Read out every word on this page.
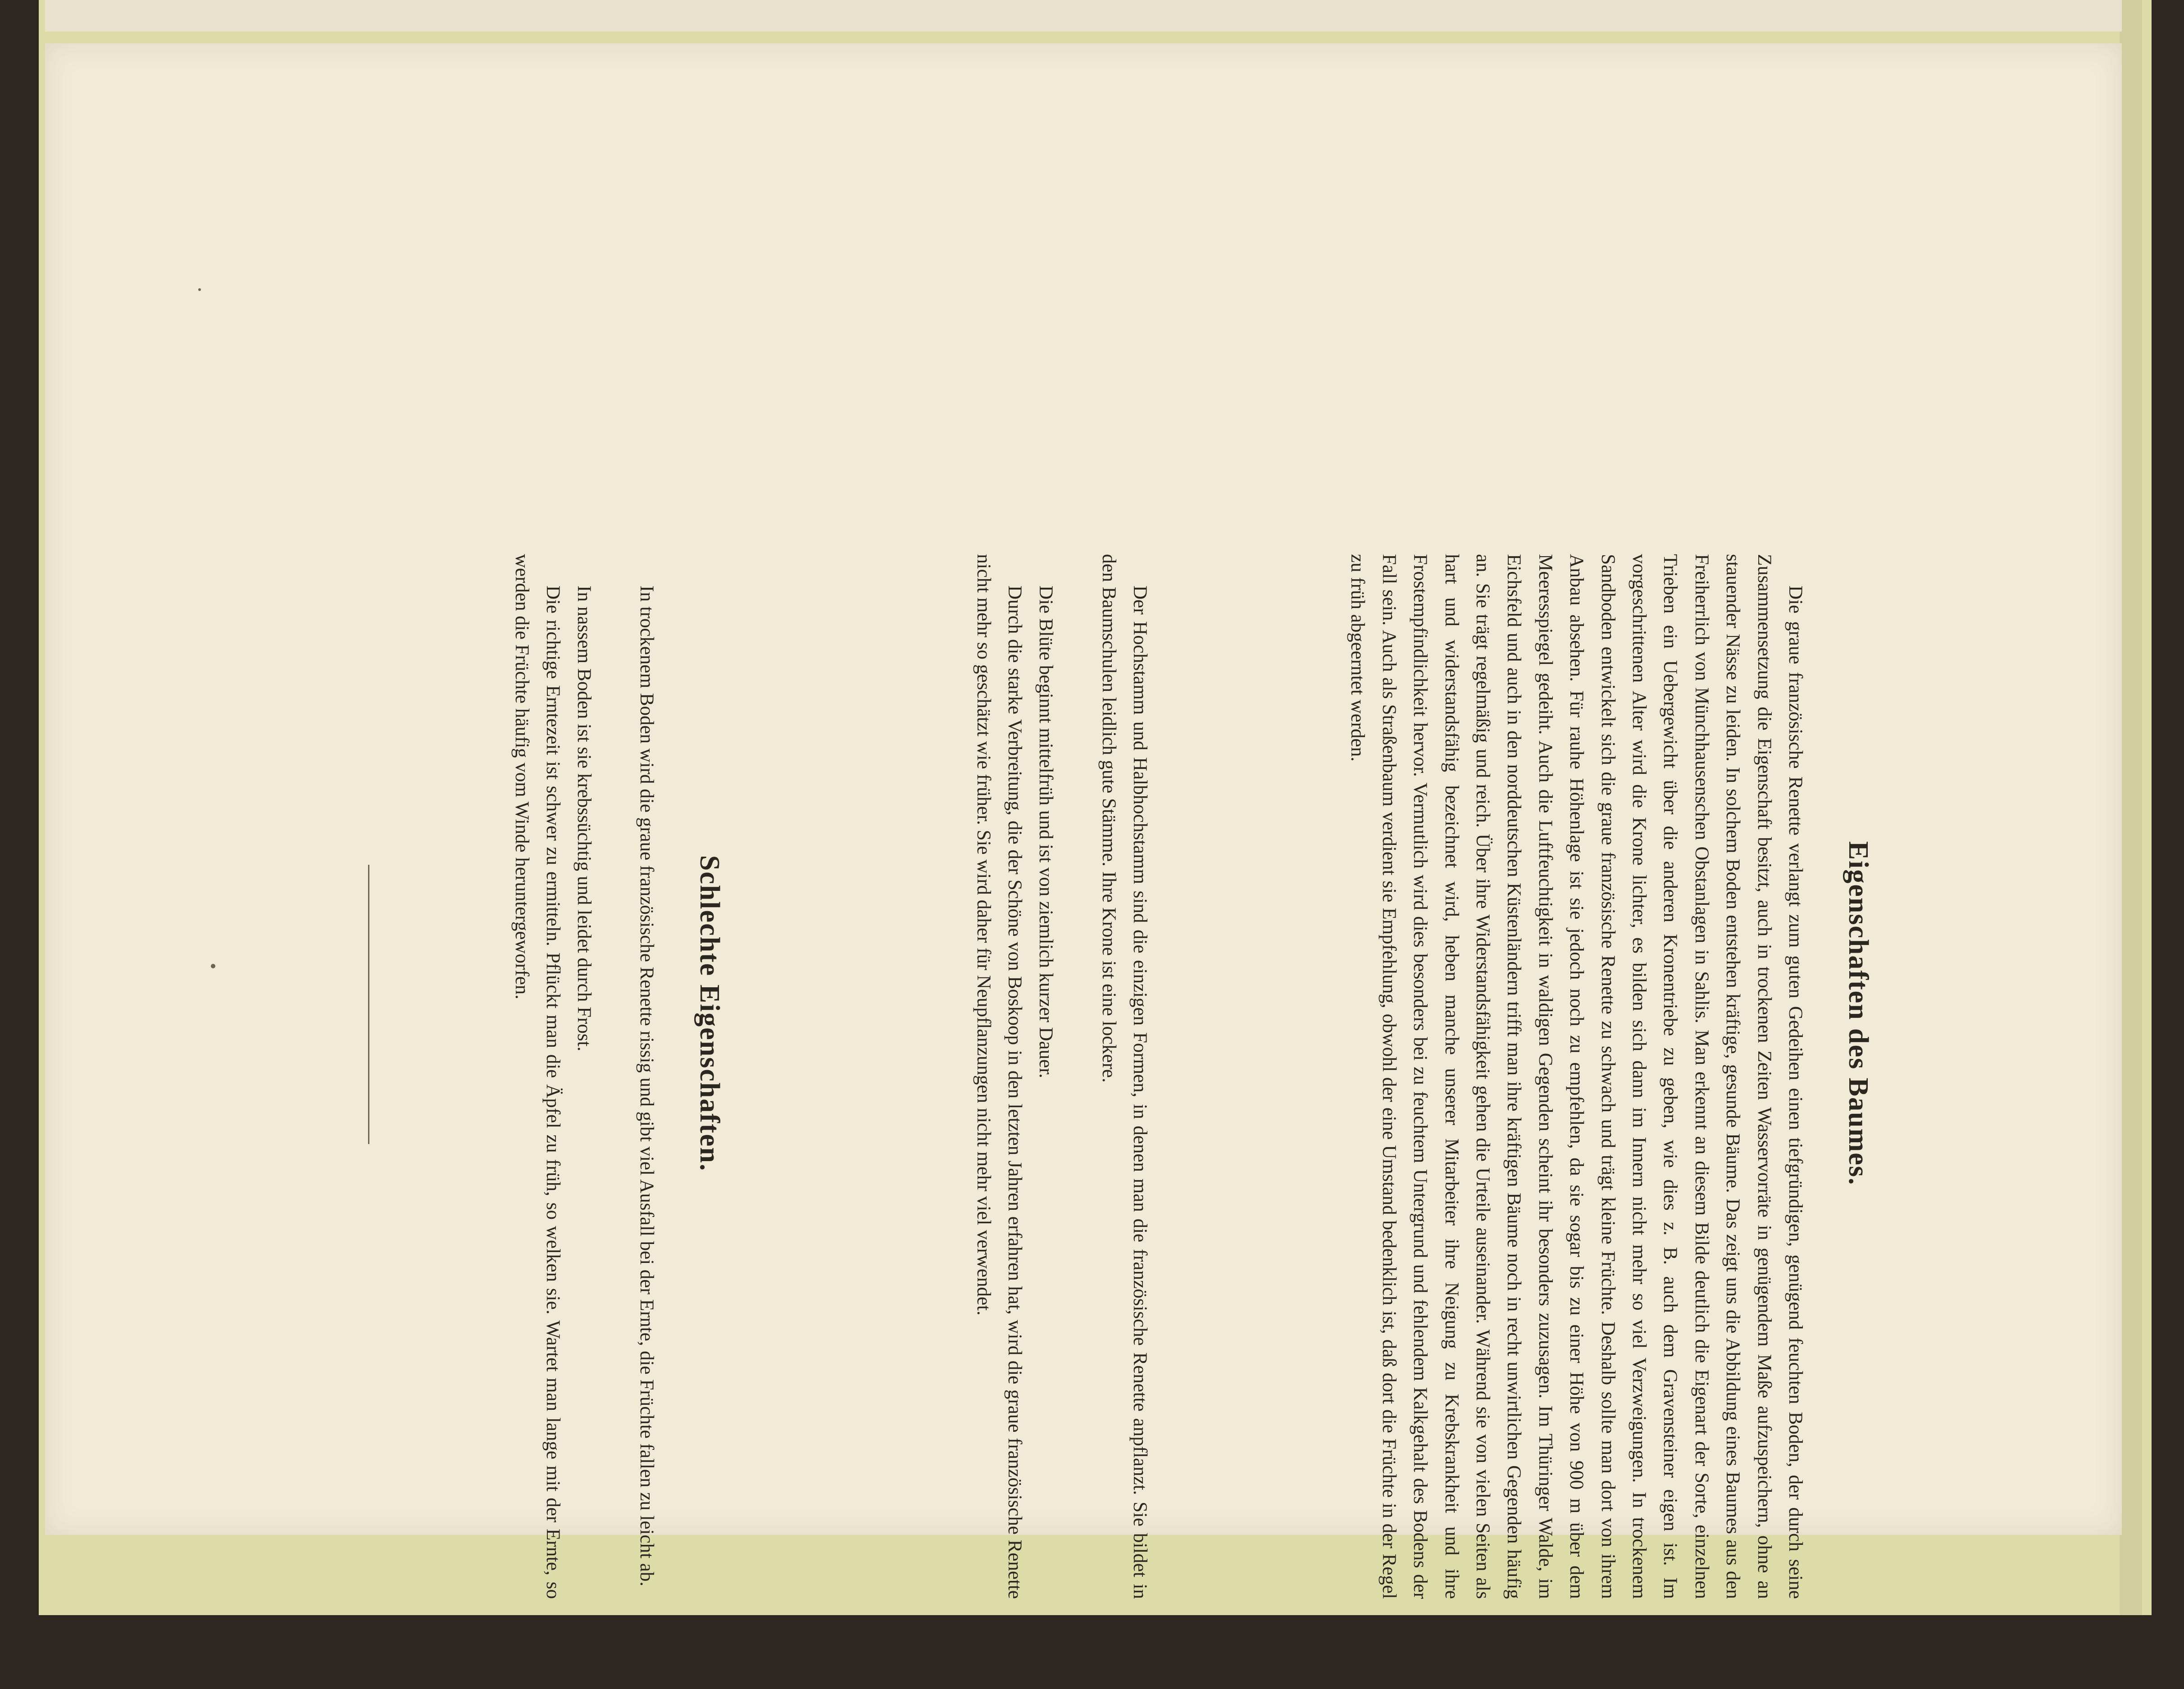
Eigenschaften des Baumes.

Die graue französische Renette verlangt zum guten Gedeihen einen tiefgründigen, genügend feuchten Boden, der durch seine Zusammensetzung die Eigenschaft besitzt, auch in trockenen Zeiten Wasservorräte in genügendem Maße aufzuspeichern, ohne an stauender Nässe zu leiden. In solchem Boden entstehen kräftige, gesunde Bäume. Das zeigt uns die Abbildung eines Baumes aus den Freiherrlich von Münchhausenschen Obstanlagen in Sahlis. Man erkennt an diesem Bilde deutlich die Eigenart der Sorte, einzelnen Trieben ein Uebergewicht über die anderen Kronentriebe zu geben, wie dies z. B. auch dem Gravensteiner eigen ist. Im vorgeschrittenen Alter wird die Krone lichter, es bilden sich dann im Innern nicht mehr so viel Verzweigungen. In trockenem Sandboden entwickelt sich die graue französische Renette zu schwach und trägt kleine Früchte. Deshalb sollte man dort von ihrem Anbau absehen. Für rauhe Höhenlage ist sie jedoch noch zu empfehlen, da sie sogar bis zu einer Höhe von 900 m über dem Meeresspiegel gedeiht. Auch die Luftfeuchtigkeit in waldigen Gegenden scheint ihr besonders zuzusagen. Im Thüringer Walde, im Eichsfeld und auch in den norddeutschen Küstenländern trifft man ihre kräftigen Bäume noch in recht unwirtlichen Gegenden häufig an. Sie trägt regelmäßig und reich. Über ihre Widerstandsfähigkeit gehen die Urteile auseinander. Während sie von vielen Seiten als hart und widerstandsfähig bezeichnet wird, heben manche unserer Mitarbeiter ihre Neigung zu Krebskrankheit und ihre Frostempfindlichkeit hervor. Vermutlich wird dies besonders bei zu feuchtem Untergrund und fehlendem Kalkgehalt des Bodens der Fall sein. Auch als Straßenbaum verdient sie Empfehlung, obwohl der eine Umstand bedenklich ist, daß dort die Früchte in der Regel zu früh abgeerntet werden.

Der Hochstamm und Halbhochstamm sind die einzigen Formen, in denen man die französische Renette anpflanzt. Sie bildet in den Baumschulen leidlich gute Stämme. Ihre Krone ist eine lockere.

Die Blüte beginnt mittelfrüh und ist von ziemlich kurzer Dauer.

Durch die starke Verbreitung, die der Schöne von Boskoop in den letzten Jahren erfahren hat, wird die graue französische Renette nicht mehr so geschätzt wie früher. Sie wird daher für Neupflanzungen nicht mehr viel verwendet.

Schlechte Eigenschaften.

In trockenem Boden wird die graue französische Renette rissig und gibt viel Ausfall bei der Ernte, die Früchte fallen zu leicht ab.

In nassem Boden ist sie krebssüchtig und leidet durch Frost.

Die richtige Erntezeit ist schwer zu ermitteln. Pflückt man die Äpfel zu früh, so welken sie. Wartet man lange mit der Ernte, so werden die Früchte häufig vom Winde heruntergeworfen.
